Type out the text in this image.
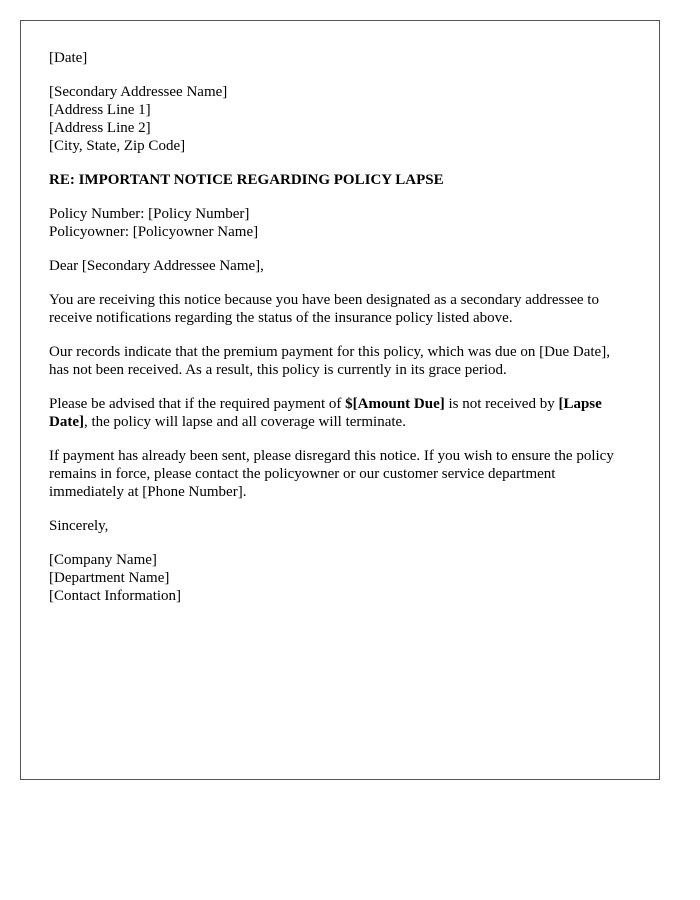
[Date]
[Secondary Addressee Name]
[Address Line 1]
[Address Line 2]
[City, State, Zip Code]
RE: IMPORTANT NOTICE REGARDING POLICY LAPSE
Policy Number: [Policy Number]
Policyowner: [Policyowner Name]
Dear [Secondary Addressee Name],
You are receiving this notice because you have been designated as a secondary addressee to receive notifications regarding the status of the insurance policy listed above.
Our records indicate that the premium payment for this policy, which was due on [Due Date], has not been received. As a result, this policy is currently in its grace period.
Please be advised that if the required payment of $[Amount Due] is not received by [Lapse Date], the policy will lapse and all coverage will terminate.
If payment has already been sent, please disregard this notice. If you wish to ensure the policy remains in force, please contact the policyowner or our customer service department immediately at [Phone Number].
Sincerely,
[Company Name]
[Department Name]
[Contact Information]
